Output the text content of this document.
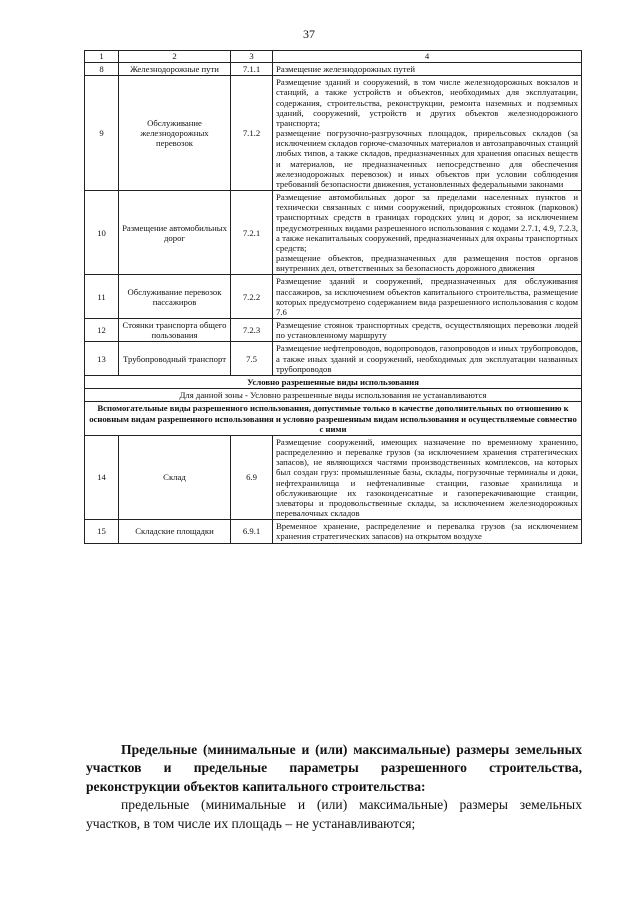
37
1	2	3	4
8	Железнодорожные пути	7.1.1	Размещение железнодорожных путей

9	Обслуживание железнодорожных перевозок	7.1.2	Размещение зданий и сооружений, в том числе железнодорожных вокзалов и станций, а также устройств и объектов, необходимых для эксплуатации, содержания, строительства, реконструкции, ремонта наземных и подземных зданий, сооружений, устройств и других объектов железнодорожного транспорта;
размещение погрузочно-разгрузочных площадок, прирельсовых складов (за исключением складов горюче-смазочных материалов и автозаправочных станций любых типов, а также складов, предназначенных для хранения опасных веществ и материалов, не предназначенных непосредственно для обеспечения железнодорожных перевозок) и иных объектов при условии соблюдения требований безопасности движения, установленных федеральными законами

10	Размещение автомобильных дорог	7.2.1	Размещение автомобильных дорог за пределами населенных пунктов и технически связанных с ними сооружений, придорожных стоянок (парковок) транспортных средств в границах городских улиц и дорог, за исключением предусмотренных видами разрешенного использования с кодами 2.7.1, 4.9, 7.2.3, а также некапитальных сооружений, предназначенных для охраны транспортных средств;
размещение объектов, предназначенных для размещения постов органов внутренних дел, ответственных за безопасность дорожного движения

11	Обслуживание перевозок пассажиров	7.2.2	Размещение зданий и сооружений, предназначенных для обслуживания пассажиров, за исключением объектов капитального строительства, размещение которых предусмотрено содержанием вида разрешенного использования с кодом 7.6

12	Стоянки транспорта общего пользования	7.2.3	Размещение стоянок транспортных средств, осуществляющих перевозки людей по установленному маршруту

13	Трубопроводный транспорт	7.5	Размещение нефтепроводов, водопроводов, газопроводов и иных трубопроводов, а также иных зданий и сооружений, необходимых для эксплуатации названных трубопроводов

Условно разрешенные виды использования			
Для данной зоны - Условно разрешенные виды использования не устанавливаются			
Вспомогательные виды разрешенного использования, допустимые только в качестве дополнительных по отношению к основным видам разрешенного использования и условно разрешенным видам использования и осуществляемые совместно с ними			
14	Склад	6.9	Размещение сооружений, имеющих назначение по временному хранению, распределению и перевалке грузов (за исключением хранения стратегических запасов), не являющихся частями производственных комплексов, на которых был создан груз: промышленные базы, склады, погрузочные терминалы и доки, нефтехранилища и нефтеналивные станции, газовые хранилища и обслуживающие их газоконденсатные и газоперекачивающие станции, элеваторы и продовольственные склады, за исключением железнодорожных перевалочных складов

15	Складские площадки	6.9.1	Временное хранение, распределение и перевалка грузов (за исключением хранения стратегических запасов) на открытом воздухе

Предельные (минимальные и (или) максимальные) размеры земельных участков и предельные параметры разрешенного строительства, реконструкции объектов капитального строительства:

предельные (минимальные и (или) максимальные) размеры земельных участков, в том числе их площадь – не устанавливаются;
